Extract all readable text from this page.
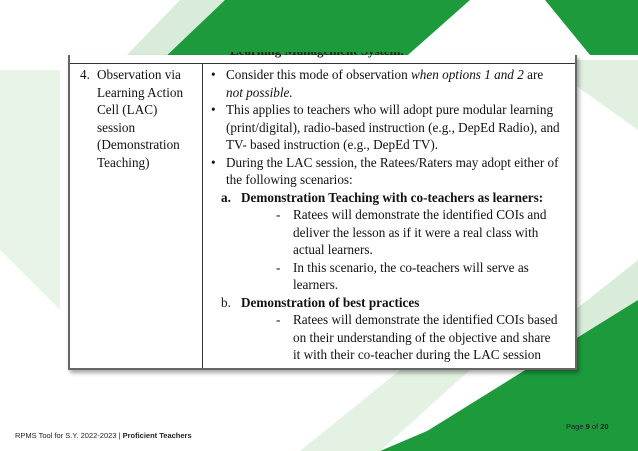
4. Observation via
Learning Action
Cell (LAC)
session
(Demonstration
Teaching)
• Consider this mode of observation when options 1 and 2 are
not possible.
• This applies to teachers who will adopt pure modular learning
(print/digital), radio-based instruction (e.g., DepEd Radio), and
TV- based instruction (e.g., DepEd TV).
• During the LAC session, the Ratees/Raters may adopt either of
the following scenarios:
a. Demonstration Teaching with co-teachers as learners:
- Ratees will demonstrate the identified COIs and
deliver the lesson as if it were a real class with
actual learners.
- In this scenario, the co-teachers will serve as
learners.
b. Demonstration of best practices
- Ratees will demonstrate the identified COIs based
on their understanding of the objective and share
it with their co-teacher during the LAC session
Page 9 of 20
RPMS Tool for S.Y. 2022-2023 | Proficient Teachers
